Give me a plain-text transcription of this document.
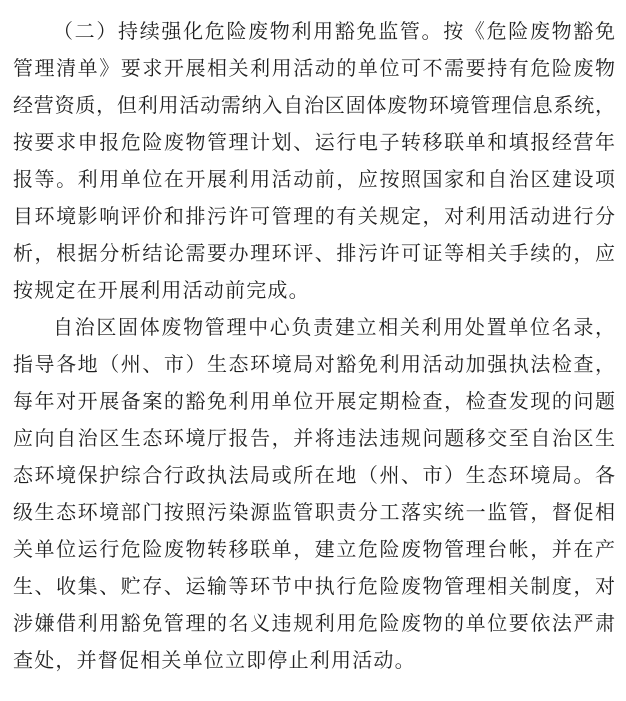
（二）持续强化危险废物利用豁免监管。按《危险废物豁免
管理清单》要求开展相关利用活动的单位可不需要持有危险废物
经营资质，但利用活动需纳入自治区固体废物环境管理信息系统，
按要求申报危险废物管理计划、运行电子转移联单和填报经营年
报等。利用单位在开展利用活动前，应按照国家和自治区建设项
目环境影响评价和排污许可管理的有关规定，对利用活动进行分
析，根据分析结论需要办理环评、排污许可证等相关手续的，应
按规定在开展利用活动前完成。
自治区固体废物管理中心负责建立相关利用处置单位名录，
指导各地（州、市）生态环境局对豁免利用活动加强执法检查，
每年对开展备案的豁免利用单位开展定期检查，检查发现的问题
应向自治区生态环境厅报告，并将违法违规问题移交至自治区生
态环境保护综合行政执法局或所在地（州、市）生态环境局。各
级生态环境部门按照污染源监管职责分工落实统一监管，督促相
关单位运行危险废物转移联单，建立危险废物管理台帐，并在产
生、收集、贮存、运输等环节中执行危险废物管理相关制度，对
涉嫌借利用豁免管理的名义违规利用危险废物的单位要依法严肃
查处，并督促相关单位立即停止利用活动。
